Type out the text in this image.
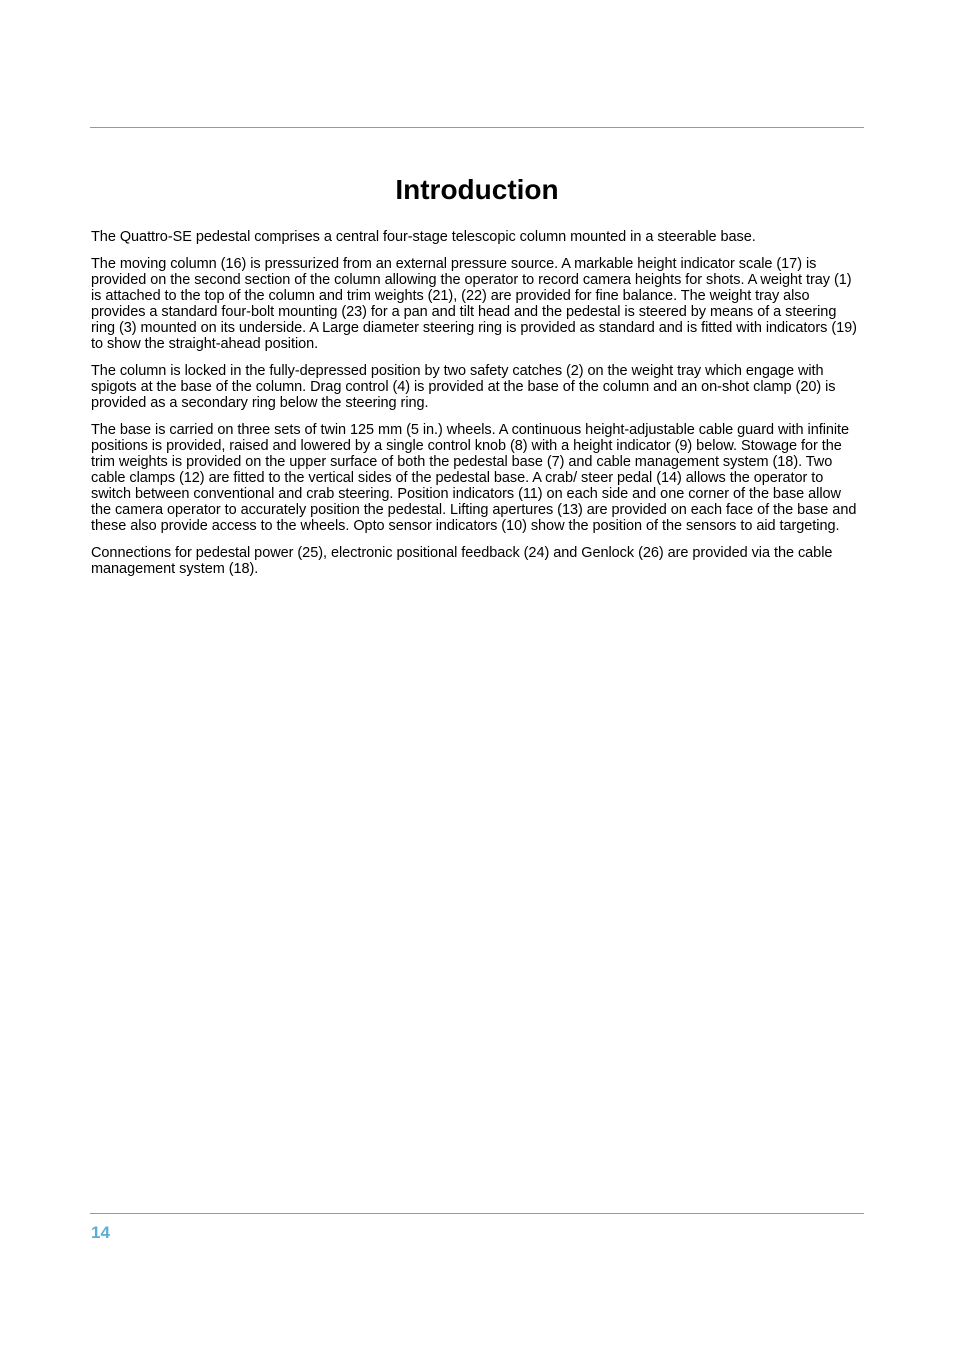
Introduction

The Quattro-SE pedestal comprises a central four-stage telescopic column mounted in a steerable base.

The moving column (16) is pressurized from an external pressure source. A markable height indicator scale (17) is provided on the second section of the column allowing the operator to record camera heights for shots. A weight tray (1) is attached to the top of the column and trim weights (21), (22) are provided for fine balance. The weight tray also provides a standard four-bolt mounting (23) for a pan and tilt head and the pedestal is steered by means of a steering ring (3) mounted on its underside. A Large diameter steering ring is provided as standard and is fitted with indicators (19) to show the straight-ahead position.

The column is locked in the fully-depressed position by two safety catches (2) on the weight tray which engage with spigots at the base of the column. Drag control (4) is provided at the base of the column and an on-shot clamp (20) is provided as a secondary ring below the steering ring.

The base is carried on three sets of twin 125 mm (5 in.) wheels. A continuous height-adjustable cable guard with infinite positions is provided, raised and lowered by a single control knob (8) with a height indicator (9) below. Stowage for the trim weights is provided on the upper surface of both the pedestal base (7) and cable management system (18). Two cable clamps (12) are fitted to the vertical sides of the pedestal base. A crab/ steer pedal (14) allows the operator to switch between conventional and crab steering. Position indicators (11) on each side and one corner of the base allow the camera operator to accurately position the pedestal. Lifting apertures (13) are provided on each face of the base and these also provide access to the wheels. Opto sensor indicators (10) show the position of the sensors to aid targeting.

Connections for pedestal power (25), electronic positional feedback (24) and Genlock (26) are provided via the cable management system (18).

14
